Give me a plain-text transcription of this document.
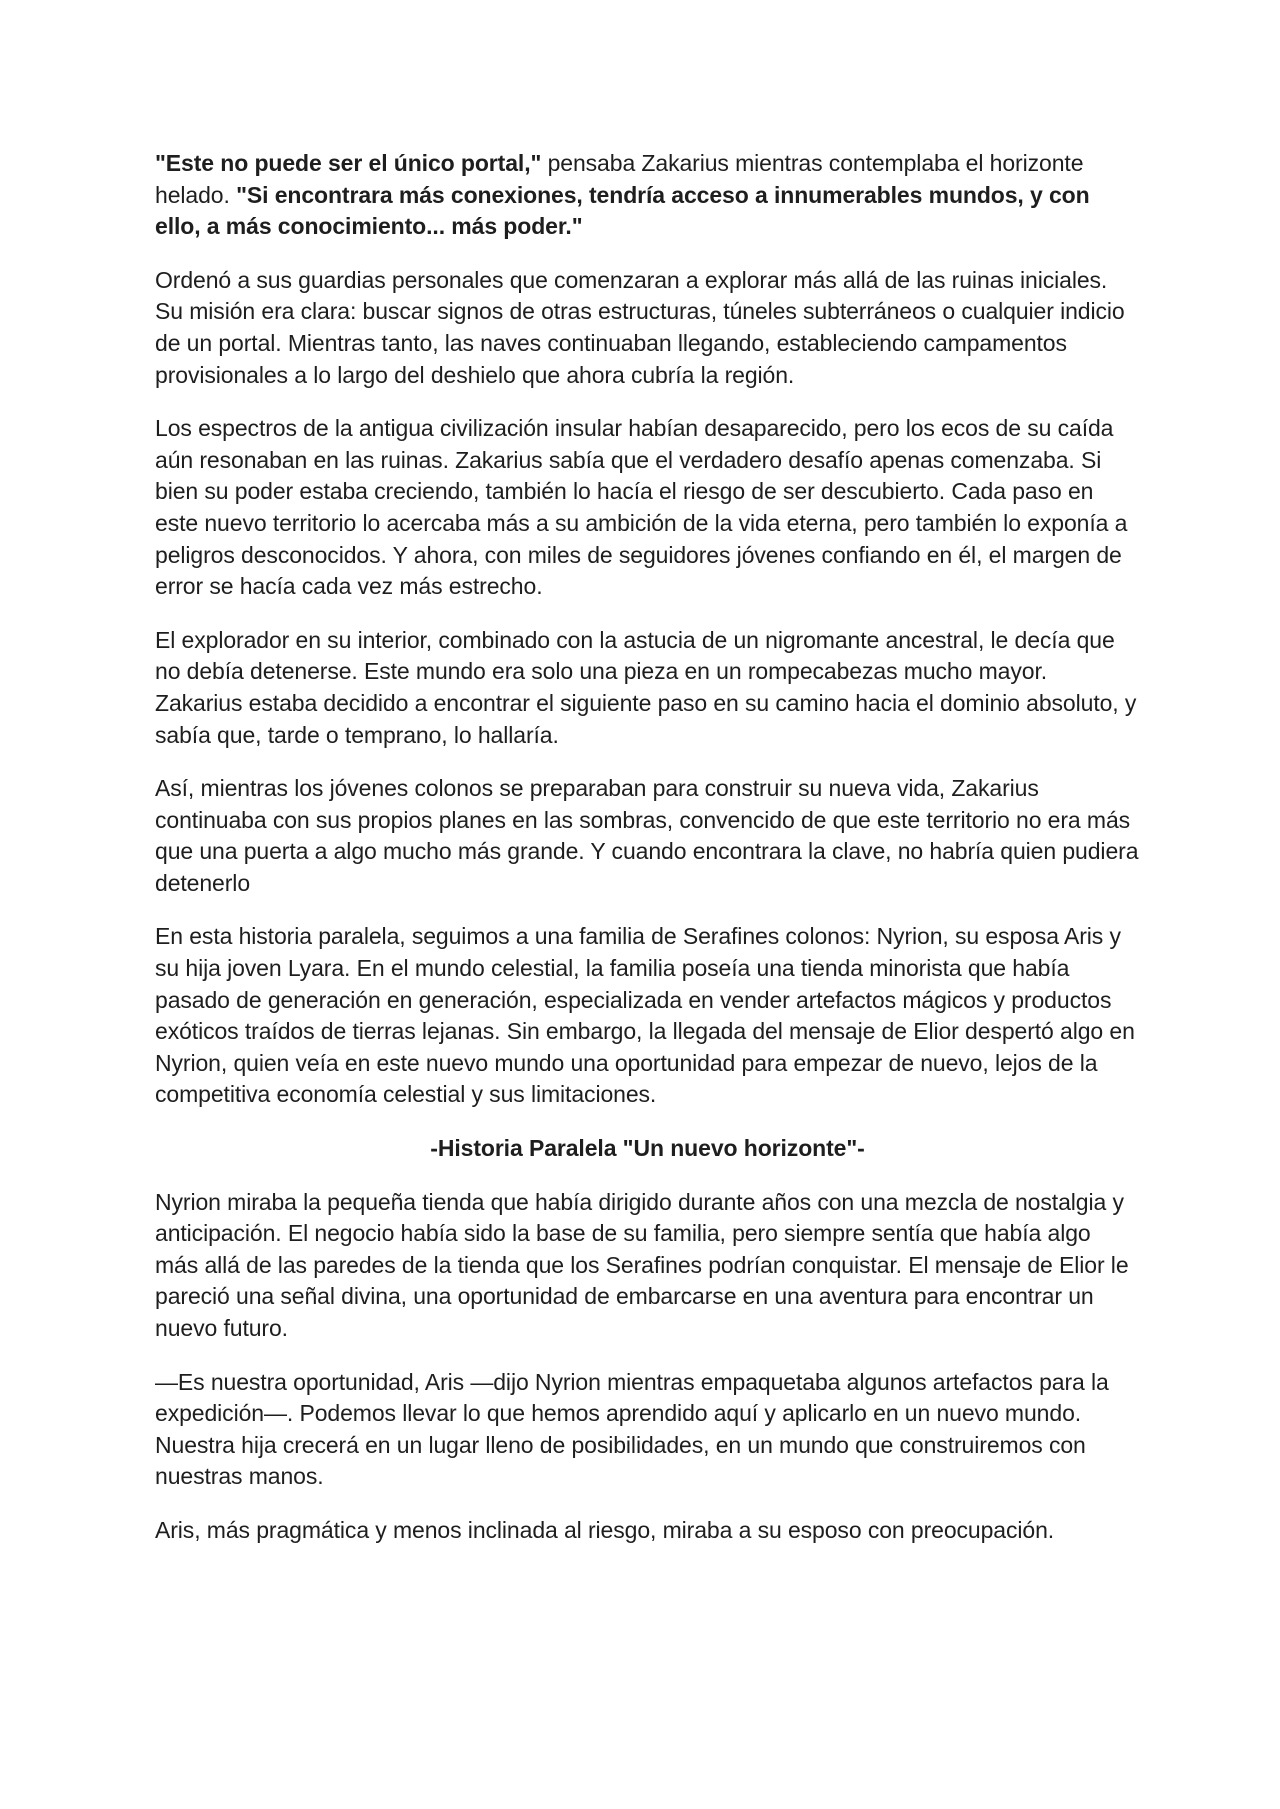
"Este no puede ser el único portal," pensaba Zakarius mientras contemplaba el horizonte helado. "Si encontrara más conexiones, tendría acceso a innumerables mundos, y con ello, a más conocimiento... más poder."

Ordenó a sus guardias personales que comenzaran a explorar más allá de las ruinas iniciales. Su misión era clara: buscar signos de otras estructuras, túneles subterráneos o cualquier indicio de un portal. Mientras tanto, las naves continuaban llegando, estableciendo campamentos provisionales a lo largo del deshielo que ahora cubría la región.

Los espectros de la antigua civilización insular habían desaparecido, pero los ecos de su caída aún resonaban en las ruinas. Zakarius sabía que el verdadero desafío apenas comenzaba. Si bien su poder estaba creciendo, también lo hacía el riesgo de ser descubierto. Cada paso en este nuevo territorio lo acercaba más a su ambición de la vida eterna, pero también lo exponía a peligros desconocidos. Y ahora, con miles de seguidores jóvenes confiando en él, el margen de error se hacía cada vez más estrecho.

El explorador en su interior, combinado con la astucia de un nigromante ancestral, le decía que no debía detenerse. Este mundo era solo una pieza en un rompecabezas mucho mayor. Zakarius estaba decidido a encontrar el siguiente paso en su camino hacia el dominio absoluto, y sabía que, tarde o temprano, lo hallaría.

Así, mientras los jóvenes colonos se preparaban para construir su nueva vida, Zakarius continuaba con sus propios planes en las sombras, convencido de que este territorio no era más que una puerta a algo mucho más grande. Y cuando encontrara la clave, no habría quien pudiera detenerlo

En esta historia paralela, seguimos a una familia de Serafines colonos: Nyrion, su esposa Aris y su hija joven Lyara. En el mundo celestial, la familia poseía una tienda minorista que había pasado de generación en generación, especializada en vender artefactos mágicos y productos exóticos traídos de tierras lejanas. Sin embargo, la llegada del mensaje de Elior despertó algo en Nyrion, quien veía en este nuevo mundo una oportunidad para empezar de nuevo, lejos de la competitiva economía celestial y sus limitaciones.

-Historia Paralela "Un nuevo horizonte"-

Nyrion miraba la pequeña tienda que había dirigido durante años con una mezcla de nostalgia y anticipación. El negocio había sido la base de su familia, pero siempre sentía que había algo más allá de las paredes de la tienda que los Serafines podrían conquistar. El mensaje de Elior le pareció una señal divina, una oportunidad de embarcarse en una aventura para encontrar un nuevo futuro.

—Es nuestra oportunidad, Aris —dijo Nyrion mientras empaquetaba algunos artefactos para la expedición—. Podemos llevar lo que hemos aprendido aquí y aplicarlo en un nuevo mundo. Nuestra hija crecerá en un lugar lleno de posibilidades, en un mundo que construiremos con nuestras manos.

Aris, más pragmática y menos inclinada al riesgo, miraba a su esposo con preocupación.
